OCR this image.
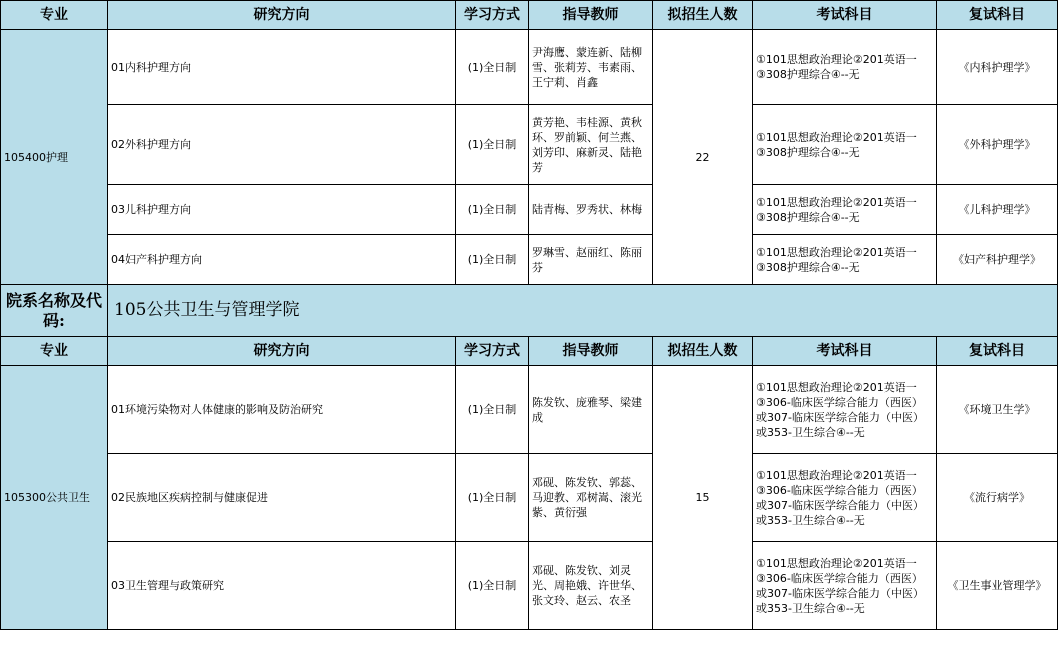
专业	研究方向	学习方式	指导教师	拟招生人数	考试科目	复试科目
105400护理	01内科护理方向	(1)全日制	尹海鹰、蒙连新、陆柳雪、张莉芳、韦素雨、王宁莉、肖鑫	22	①101思想政治理论②201英语一③308护理综合④--无	《内科护理学》
	02外科护理方向	(1)全日制	黄芳艳、韦桂源、黄秋环、罗前颖、何兰燕、刘芳印、麻新灵、陆艳芳		①101思想政治理论②201英语一③308护理综合④--无	《外科护理学》
	03儿科护理方向	(1)全日制	陆青梅、罗秀状、林梅		①101思想政治理论②201英语一③308护理综合④--无	《儿科护理学》
	04妇产科护理方向	(1)全日制	罗琳雪、赵丽红、陈丽芬		①101思想政治理论②201英语一③308护理综合④--无	《妇产科护理学》
院系名称及代码:	105公共卫生与管理学院					
专业	研究方向	学习方式	指导教师	拟招生人数	考试科目	复试科目
105300公共卫生	01环境污染物对人体健康的影响及防治研究	(1)全日制	陈发钦、庞雅琴、梁建成	15	①101思想政治理论②201英语一③306-临床医学综合能力（西医）或307-临床医学综合能力（中医）或353-卫生综合④--无	《环境卫生学》
	02民族地区疾病控制与健康促进	(1)全日制	邓砚、陈发钦、郭蕊、马迎教、邓树嵩、滚光紫、黄衍强		①101思想政治理论②201英语一③306-临床医学综合能力（西医）或307-临床医学综合能力（中医）或353-卫生综合④--无	《流行病学》
	03卫生管理与政策研究	(1)全日制	邓砚、陈发钦、刘灵光、周艳娥、许世华、张文玲、赵云、农圣		①101思想政治理论②201英语一③306-临床医学综合能力（西医）或307-临床医学综合能力（中医）或353-卫生综合④--无	《卫生事业管理学》
